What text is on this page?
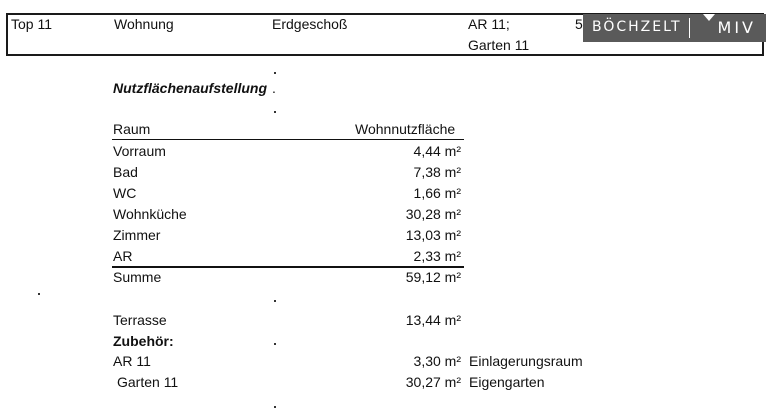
Top 11	Wohnung	Erdgeschoß	AR 11;
Garten 11
5 BÖCHZELT MIV
Nutzflächenaufstellung .
Raum	Wohnnutzfläche
Vorraum	4,44 m²
Bad	7,38 m²
WC	1,66 m²
Wohnküche	30,28 m²
Zimmer	13,03 m²
AR	2,33 m²
Summe	59,12 m²
Terrasse	13,44 m²
Zubehör:
AR 11	3,30 m² Einlagerungsraum
Garten 11	30,27 m² Eigengarten
